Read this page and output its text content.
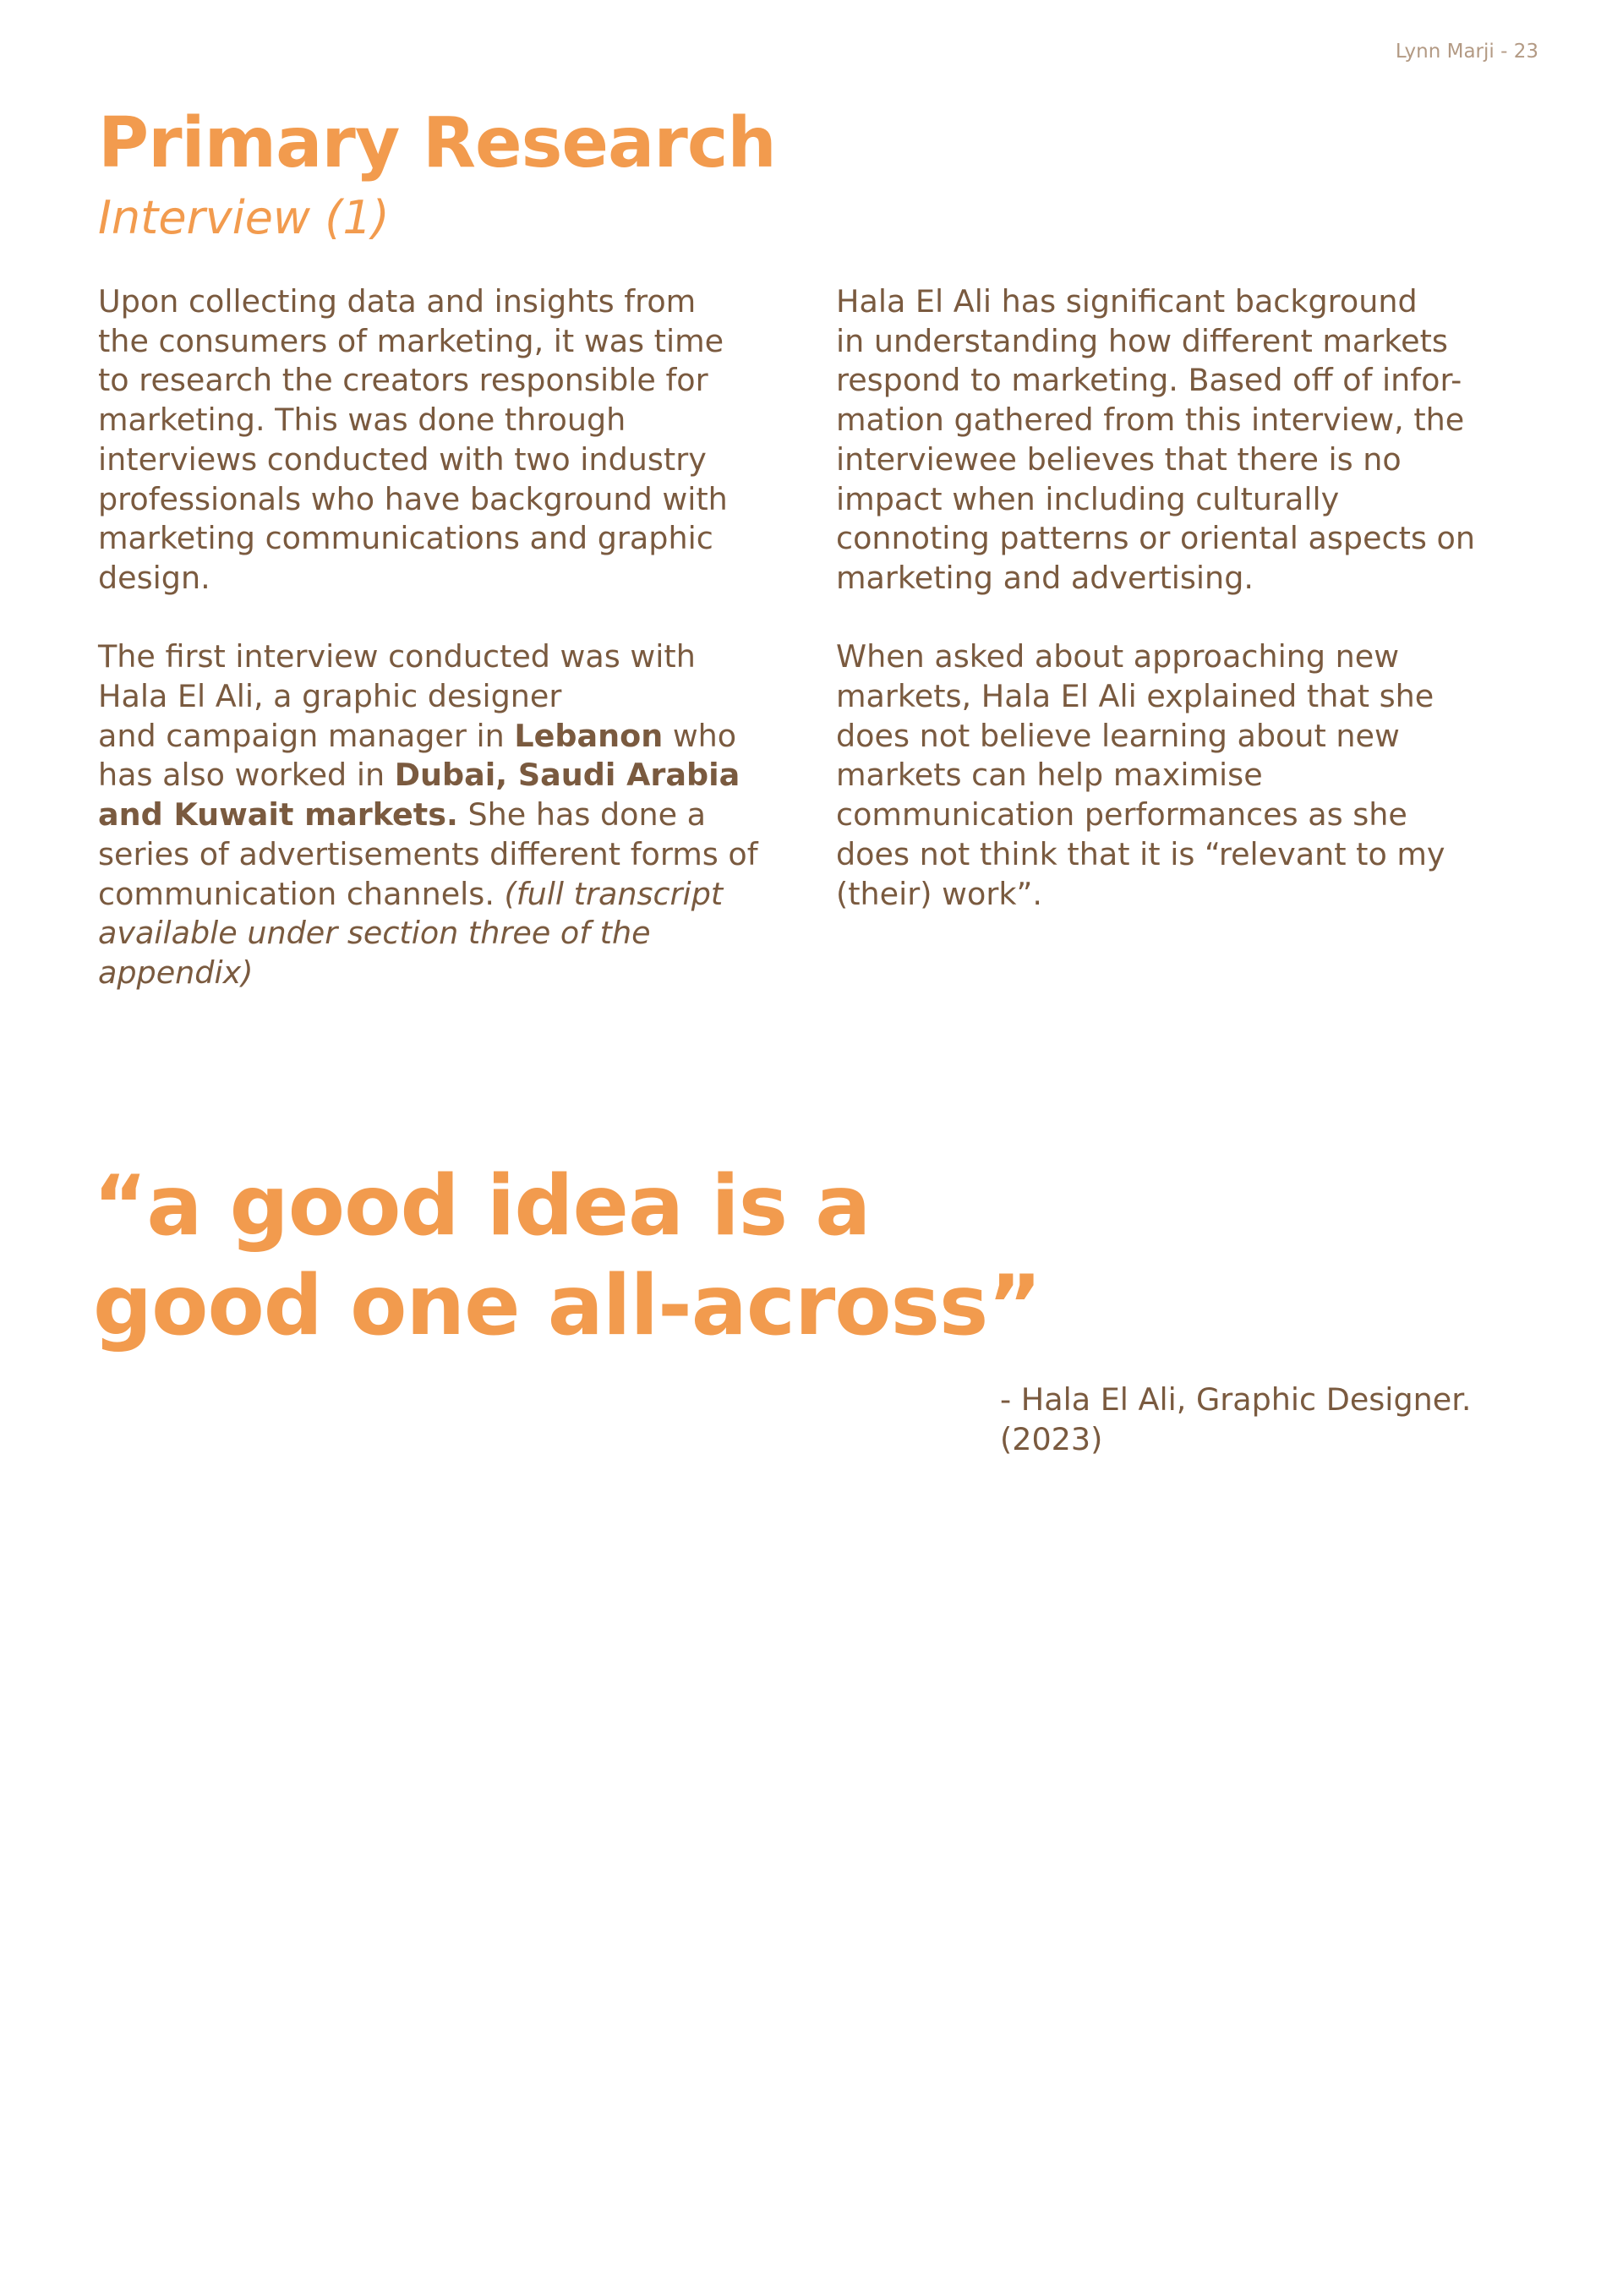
Lynn Marji - 23
Primary Research
Interview (1)
Upon collecting data and insights from
the consumers of marketing, it was time
to research the creators responsible for
marketing. This was done through
interviews conducted with two industry
professionals who have background with
marketing communications and graphic
design.
The first interview conducted was with
Hala El Ali, a graphic designer
and campaign manager in Lebanon who
has also worked in Dubai, Saudi Arabia
and Kuwait markets. She has done a
series of advertisements different forms of
communication channels. (full transcript
available under section three of the
appendix)
Hala El Ali has significant background
in understanding how different markets
respond to marketing. Based off of infor-
mation gathered from this interview, the
interviewee believes that there is no
impact when including culturally
connoting patterns or oriental aspects on
marketing and advertising.
When asked about approaching new
markets, Hala El Ali explained that she
does not believe learning about new
markets can help maximise
communication performances as she
does not think that it is “relevant to my
(their) work”.
“a good idea is a
good one all-across”
- Hala El Ali, Graphic Designer.
(2023)
